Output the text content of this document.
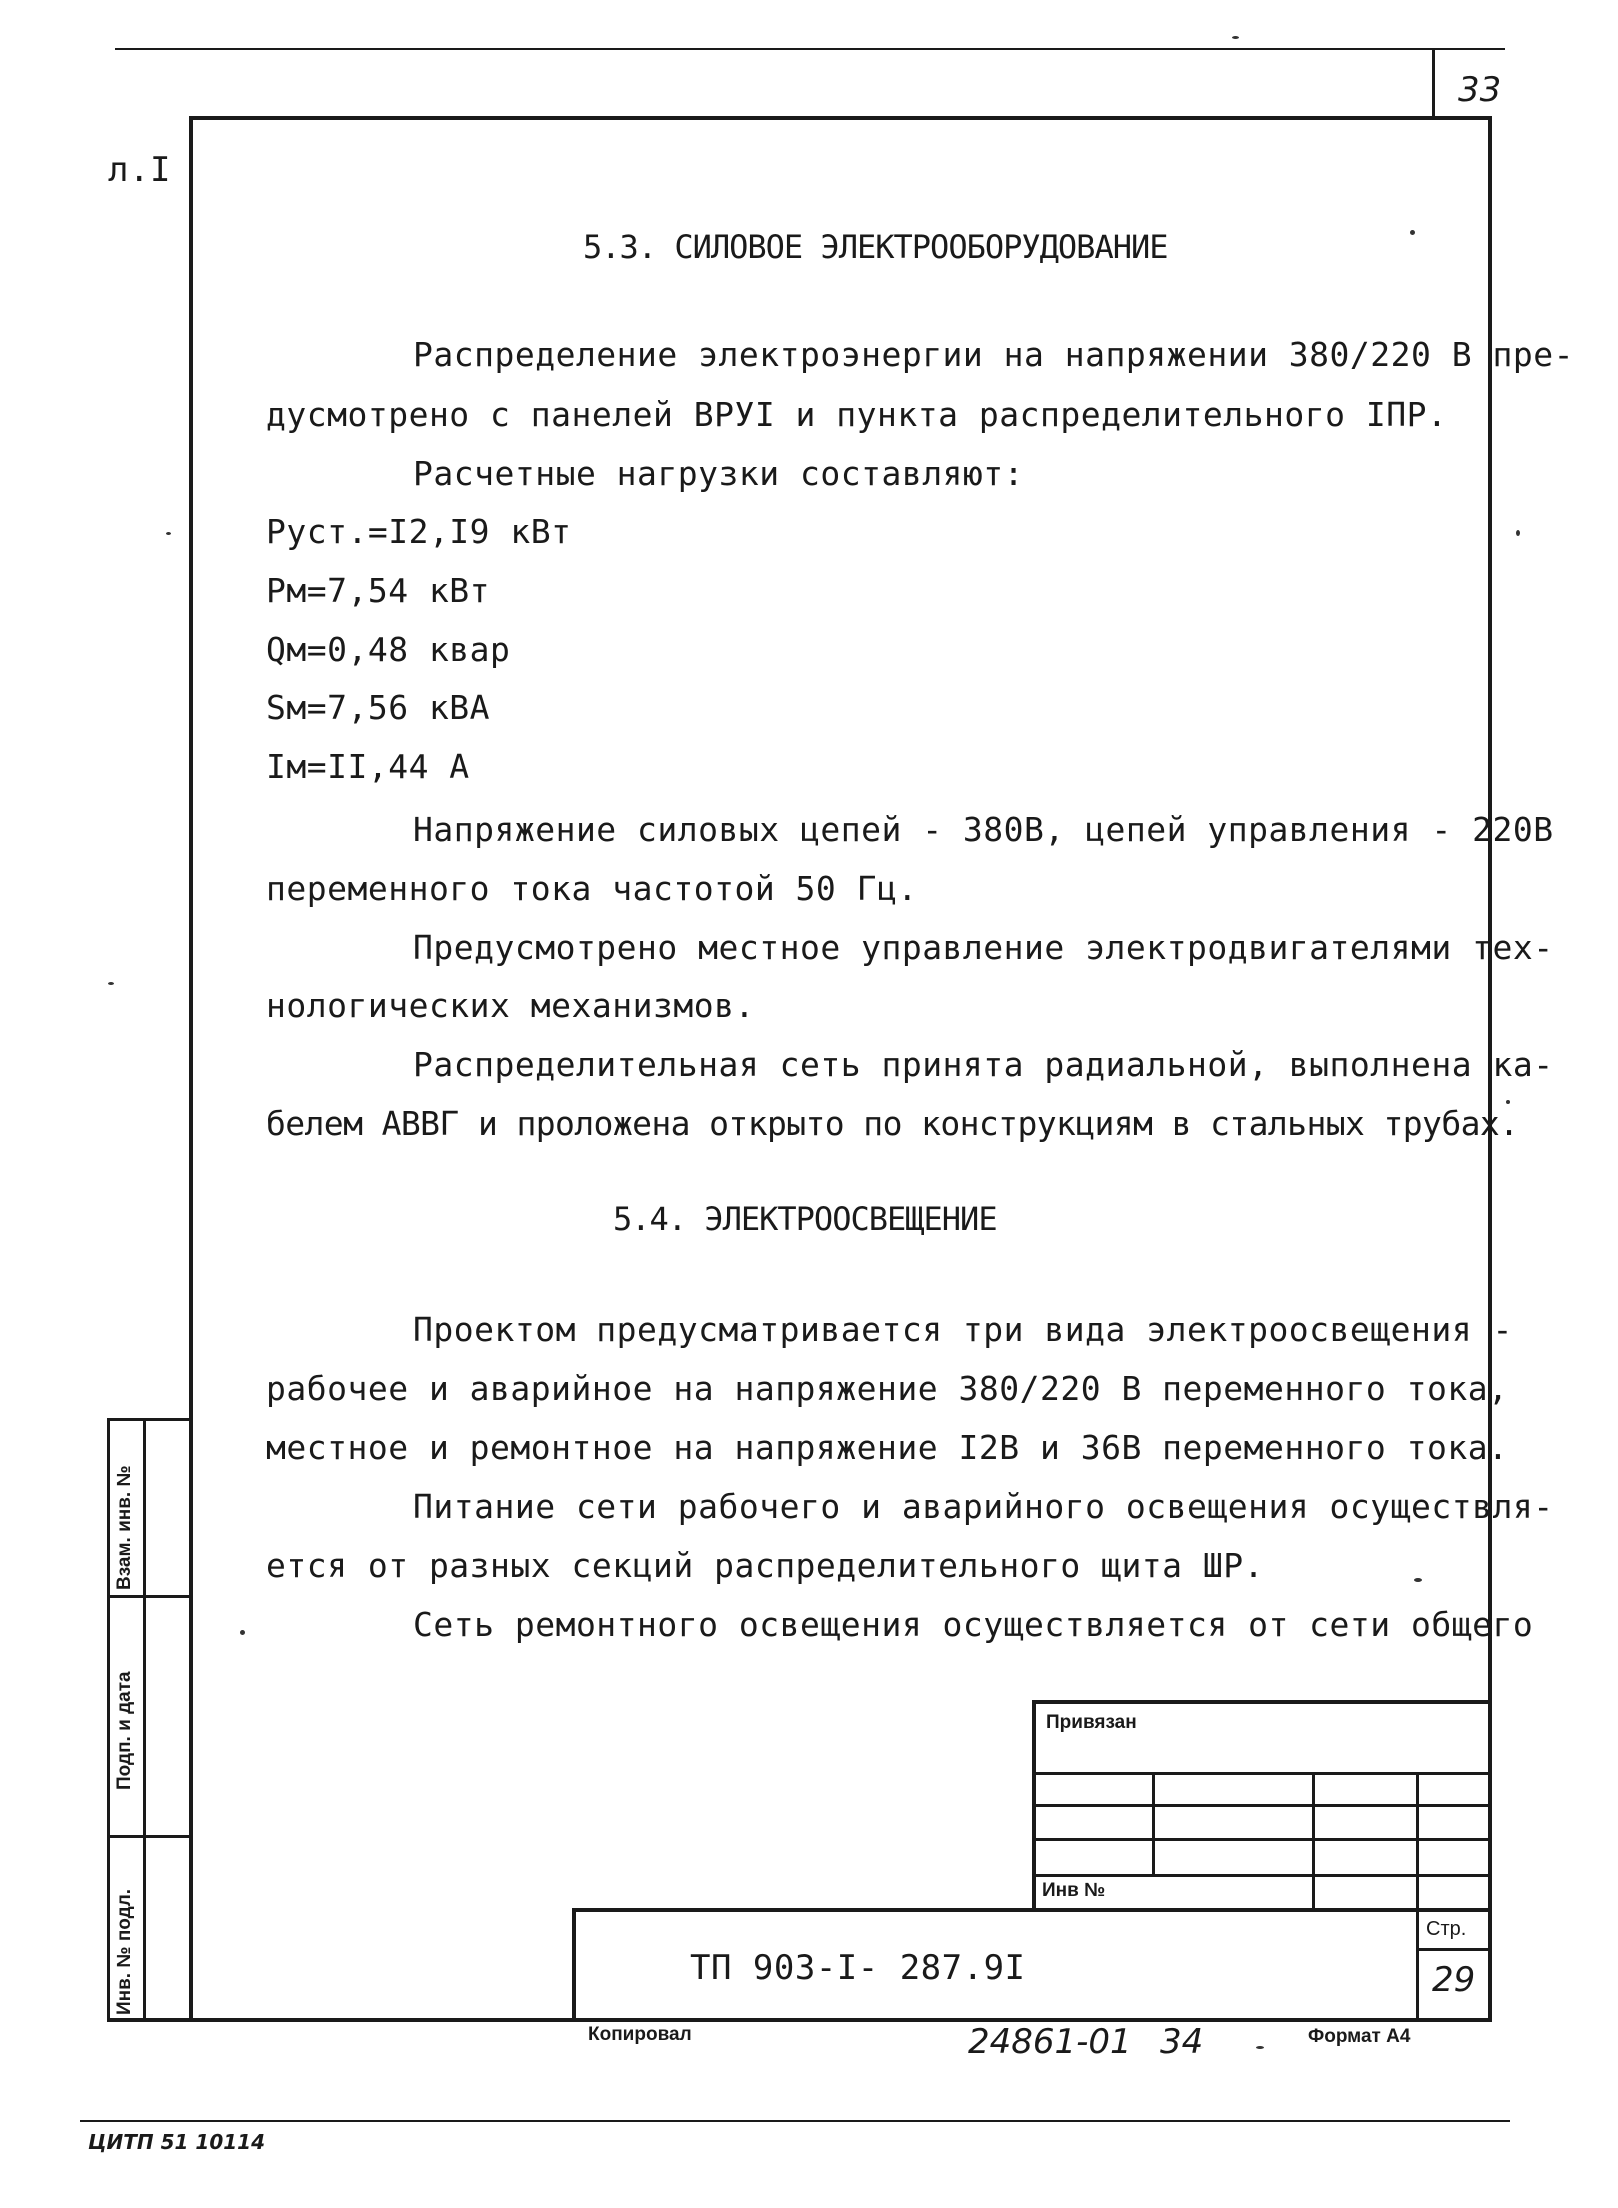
33
л.I
Взам. инв. №
Подп. и дата
Инв. № подл.
5.3. СИЛОВОЕ ЭЛЕКТРООБОРУДОВАНИЕ
Распределение электроэнергии на напряжении 380/220 В пре-
дусмотрено с панелей ВРУI и пункта распределительного IПР.
Расчетные нагрузки составляют:
Руст.=I2,I9 кВт
Рм=7,54 кВт
Qм=0,48 квар
Sм=7,56 кВА
Iм=II,44 А
Напряжение силовых цепей - 380В, цепей управления - 220В
переменного тока частотой 50 Гц.
Предусмотрено местное управление электродвигателями тех-
нологических механизмов.
Распределительная сеть принята радиальной, выполнена ка-
белем АВВГ и проложена открыто по конструкциям в стальных трубах.
5.4. ЭЛЕКТРООСВЕЩЕНИЕ
Проектом предусматривается три вида электроосвещения -
рабочее и аварийное на напряжение 380/220 В переменного тока,
местное и ремонтное на напряжение I2В и 36В переменного тока.
Питание сети рабочего и аварийного освещения осуществля-
ется от разных секций распределительного щита ШР.
Сеть ремонтного освещения осуществляется от сети общего
Привязан
Инв №
ТП 903-I- 287.9I
Стр.
29
Копировал	24861-01 34	Формат А4
ЦИТП 51 10114
